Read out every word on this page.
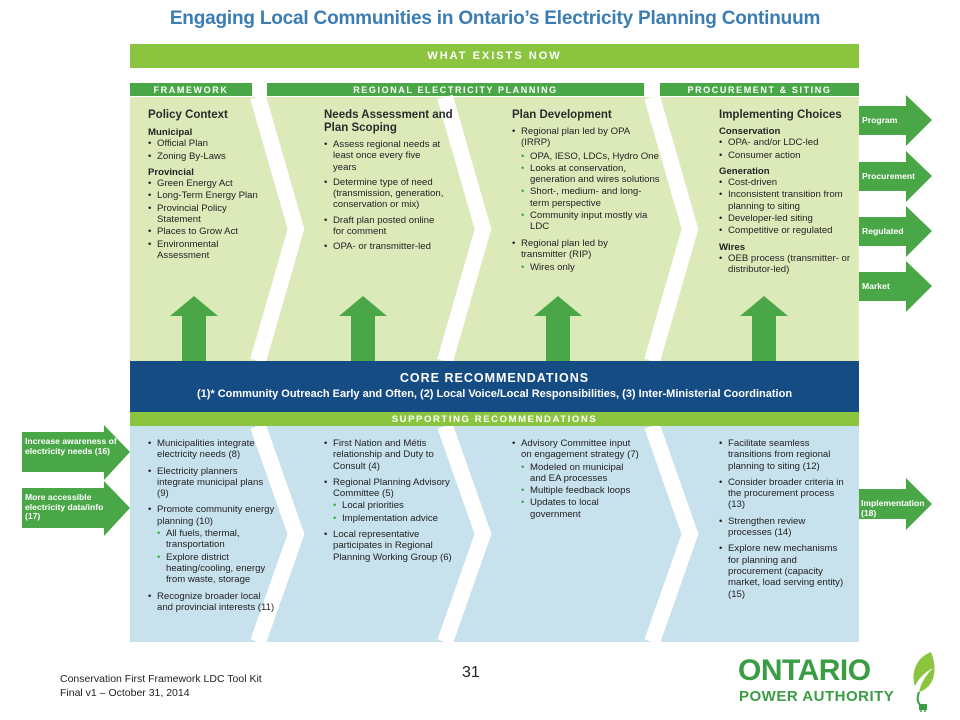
Engaging Local Communities in Ontario’s Electricity Planning Continuum
WHAT EXISTS NOW
FRAMEWORK	REGIONAL ELECTRICITY PLANNING	PROCUREMENT & SITING
Policy Context
Municipal
• Official Plan
• Zoning By-Laws
Provincial
• Green Energy Act
• Long-Term Energy Plan
• Provincial Policy Statement
• Places to Grow Act
• Environmental Assessment
Needs Assessment and Plan Scoping
• Assess regional needs at least once every five years
• Determine type of need (transmission, generation, conservation or mix)
• Draft plan posted online for comment
• OPA- or transmitter-led
Plan Development
• Regional plan led by OPA (IRRP)
• OPA, IESO, LDCs, Hydro One
• Looks at conservation, generation and wires solutions
• Short-, medium- and long-term perspective
• Community input mostly via LDC
• Regional plan led by transmitter (RIP)
• Wires only
Implementing Choices
Conservation
• OPA- and/or LDC-led
• Consumer action
Generation
• Cost-driven
• Inconsistent transition from planning to siting
• Developer-led siting
• Competitive or regulated
Wires
• OEB process (transmitter- or distributor-led)
Program
Procurement
Regulated
Market
CORE RECOMMENDATIONS
(1)* Community Outreach Early and Often, (2) Local Voice/Local Responsibilities, (3) Inter-Ministerial Coordination
SUPPORTING RECOMMENDATIONS
Increase awareness of electricity needs (16)
More accessible electricity data/info (17)
Implementation (18)
• Municipalities integrate electricity needs (8)
• Electricity planners integrate municipal plans (9)
• Promote community energy planning (10)
• All fuels, thermal, transportation
• Explore district heating/cooling, energy from waste, storage
• Recognize broader local and provincial interests (11)
• First Nation and Métis relationship and Duty to Consult (4)
• Regional Planning Advisory Committee (5)
• Local priorities
• Implementation advice
• Local representative participates in Regional Planning Working Group (6)
• Advisory Committee input on engagement strategy (7)
• Modeled on municipal and EA processes
• Multiple feedback loops
• Updates to local government
• Facilitate seamless transitions from regional planning to siting (12)
• Consider broader criteria in the procurement process (13)
• Strengthen review processes (14)
• Explore new mechanisms for planning and procurement (capacity market, load serving entity) (15)
Conservation First Framework LDC Tool Kit
Final v1 – October 31, 2014
31	ONTARIO
POWER AUTHORITY
